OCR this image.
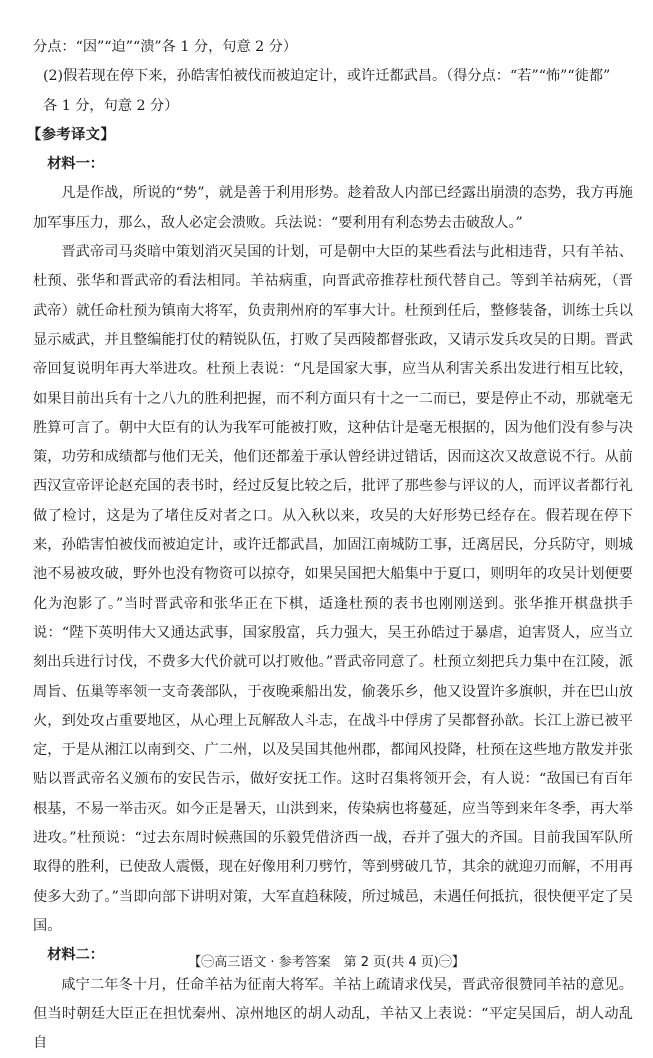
分点：“因”“迫”“溃”各 1 分，句意 2 分）

(2)假若现在停下来，孙皓害怕被伐而被迫定计，或许迁都武昌。（得分点：“若”“怖”“徙都”

各 1 分，句意 2 分）

【参考译文】

材料一：

凡是作战，所说的“势”，就是善于利用形势。趁着敌人内部已经露出崩溃的态势，我方再施加军事压力，那么，敌人必定会溃败。兵法说：“要利用有利态势去击破敌人。”

晋武帝司马炎暗中策划消灭吴国的计划，可是朝中大臣的某些看法与此相违背，只有羊祜、杜预、张华和晋武帝的看法相同。羊祜病重，向晋武帝推荐杜预代替自己。等到羊祜病死，（晋武帝）就任命杜预为镇南大将军，负责荆州府的军事大计。杜预到任后，整修装备，训练士兵以显示威武，并且整编能打仗的精锐队伍，打败了吴西陵都督张政，又请示发兵攻吴的日期。晋武帝回复说明年再大举进攻。杜预上表说：“凡是国家大事，应当从利害关系出发进行相互比较，如果目前出兵有十之八九的胜利把握，而不利方面只有十之一二而已，要是停止不动，那就毫无胜算可言了。朝中大臣有的认为我军可能被打败，这种估计是毫无根据的，因为他们没有参与决策，功劳和成绩都与他们无关，他们还都羞于承认曾经讲过错话，因而这次又故意说不行。从前西汉宣帝评论赵充国的表书时，经过反复比较之后，批评了那些参与评议的人，而评议者都行礼做了检讨，这是为了堵住反对者之口。从入秋以来，攻吴的大好形势已经存在。假若现在停下来，孙皓害怕被伐而被迫定计，或许迁都武昌，加固江南城防工事，迁离居民，分兵防守，则城池不易被攻破，野外也没有物资可以掠夺，如果吴国把大船集中于夏口，则明年的攻吴计划便要化为泡影了。”当时晋武帝和张华正在下棋，适逢杜预的表书也刚刚送到。张华推开棋盘拱手说：“陛下英明伟大又通达武事，国家殷富，兵力强大，吴王孙皓过于暴虐，迫害贤人，应当立刻出兵进行讨伐，不费多大代价就可以打败他。”晋武帝同意了。杜预立刻把兵力集中在江陵，派周旨、伍巢等率领一支奇袭部队，于夜晚乘船出发，偷袭乐乡，他又设置许多旗帜，并在巴山放火，到处攻占重要地区，从心理上瓦解敌人斗志，在战斗中俘虏了吴都督孙歆。长江上游已被平定，于是从湘江以南到交、广二州，以及吴国其他州郡，都闻风投降，杜预在这些地方散发并张贴以晋武帝名义颁布的安民告示，做好安抚工作。这时召集将领开会，有人说：“敌国已有百年根基，不易一举击灭。如今正是暑天，山洪到来，传染病也将蔓延，应当等到来年冬季，再大举进攻。”杜预说：“过去东周时候燕国的乐毅凭借济西一战，吞并了强大的齐国。目前我国军队所取得的胜利，已使敌人震慑，现在好像用利刀劈竹，等到劈破几节，其余的就迎刃而解，不用再使多大劲了。”当即向部下讲明对策，大军直趋秣陵，所过城邑，未遇任何抵抗，很快便平定了吴国。

材料二：

咸宁二年冬十月，任命羊祜为征南大将军。羊祜上疏请求伐吴，晋武帝很赞同羊祜的意见。但当时朝廷大臣正在担忧秦州、凉州地区的胡人动乱，羊祜又上表说：“平定吴国后，胡人动乱自

【㊀高三语文 · 参考答案　第 2 页(共 4 页)㊀】
